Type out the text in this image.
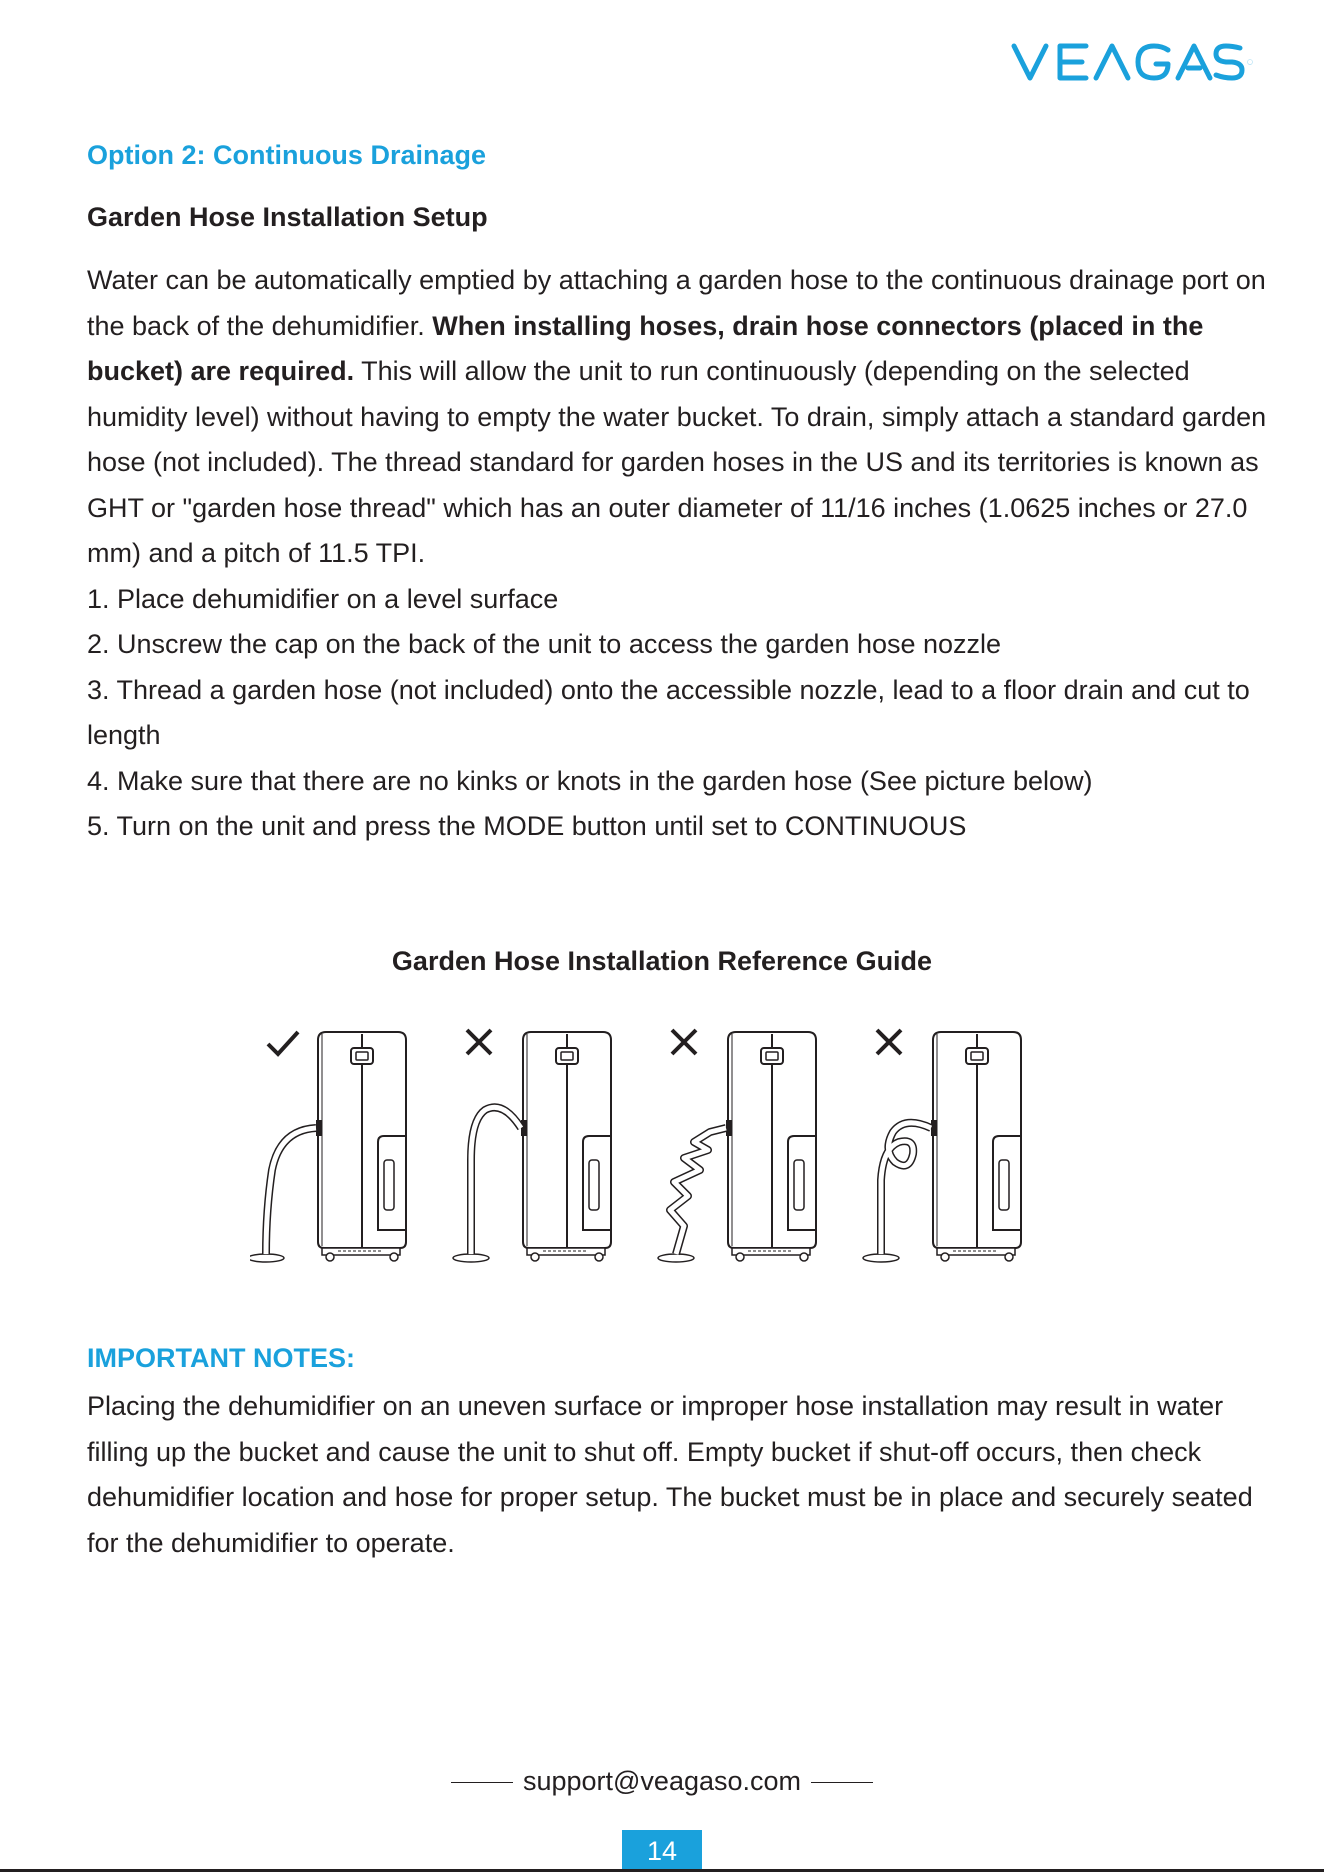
Option 2: Continuous Drainage
Garden Hose Installation Setup

Water can be automatically emptied by attaching a garden hose to the continuous drainage port on the back of the dehumidifier. When installing hoses, drain hose connectors (placed in the bucket) are required. This will allow the unit to run continuously (depending on the selected humidity level) without having to empty the water bucket. To drain, simply attach a standard garden hose (not included). The thread standard for garden hoses in the US and its territories is known as GHT or "garden hose thread" which has an outer diameter of 11/16 inches (1.0625 inches or 27.0 mm) and a pitch of 11.5 TPI.

1. Place dehumidifier on a level surface

2. Unscrew the cap on the back of the unit to access the garden hose nozzle

3. Thread a garden hose (not included) onto the accessible nozzle, lead to a floor drain and cut to length

4. Make sure that there are no kinks or knots in the garden hose (See picture below)

5. Turn on the unit and press the MODE button until set to CONTINUOUS

Garden Hose Installation Reference Guide
IMPORTANT NOTES:

Placing the dehumidifier on an uneven surface or improper hose installation may result in water filling up the bucket and cause the unit to shut off. Empty bucket if shut-off occurs, then check dehumidifier location and hose for proper setup. The bucket must be in place and securely seated for the dehumidifier to operate.

support@veagaso.com
14
